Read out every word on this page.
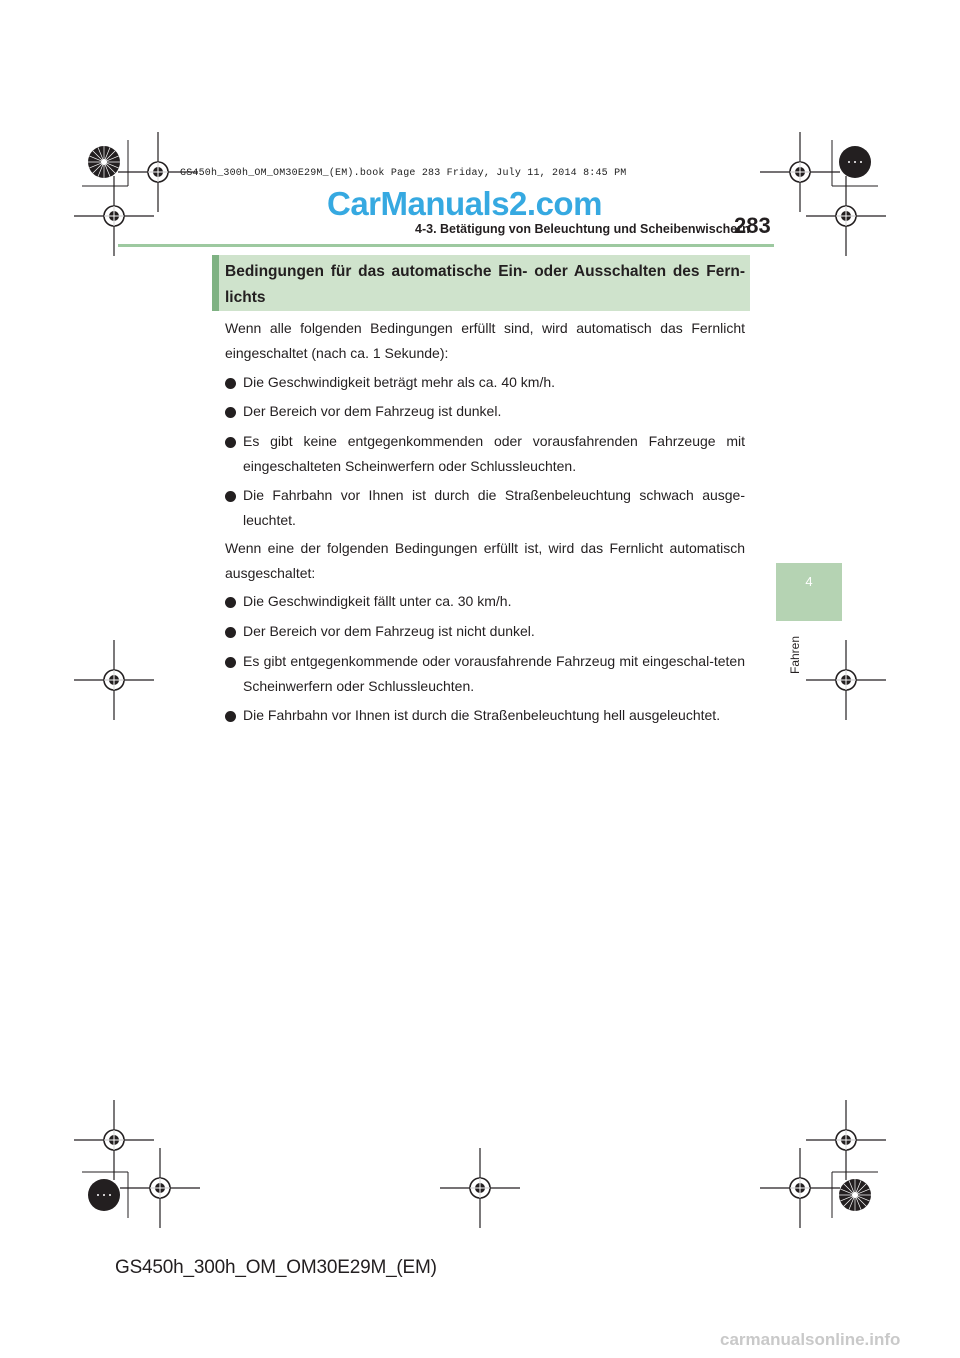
GS450h_300h_OM_OM30E29M_(EM).book Page 283 Friday, July 11, 2014 8:45 PM
CarManuals2.com
4-3. Betätigung von Beleuchtung und Scheibenwischern
283
4
Fahren
Bedingungen für das automatische Ein- oder Ausschalten des Fern-lichts
Wenn alle folgenden Bedingungen erfüllt sind, wird automatisch das Fernlicht eingeschaltet (nach ca. 1 Sekunde):
Die Geschwindigkeit beträgt mehr als ca. 40 km/h.
Der Bereich vor dem Fahrzeug ist dunkel.
Es gibt keine entgegenkommenden oder vorausfahrenden Fahrzeuge mit eingeschalteten Scheinwerfern oder Schlussleuchten.
Die Fahrbahn vor Ihnen ist durch die Straßenbeleuchtung schwach ausge-leuchtet.
Wenn eine der folgenden Bedingungen erfüllt ist, wird das Fernlicht automatisch ausgeschaltet:
Die Geschwindigkeit fällt unter ca. 30 km/h.
Der Bereich vor dem Fahrzeug ist nicht dunkel.
Es gibt entgegenkommende oder vorausfahrende Fahrzeug mit eingeschal-teten Scheinwerfern oder Schlussleuchten.
Die Fahrbahn vor Ihnen ist durch die Straßenbeleuchtung hell ausgeleuchtet.
GS450h_300h_OM_OM30E29M_(EM)
carmanualsonline.info
